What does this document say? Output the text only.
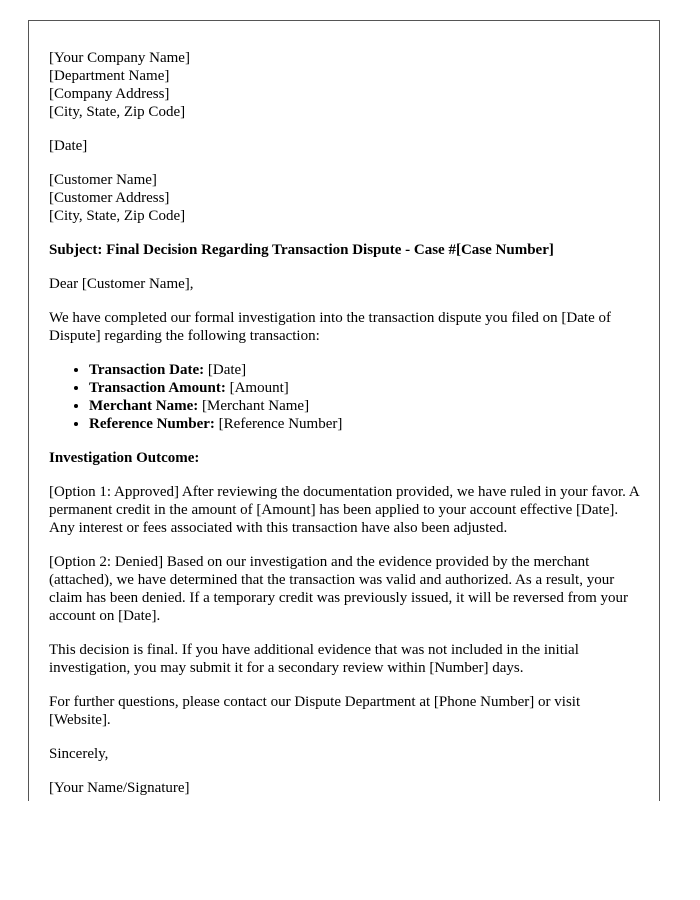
[Your Company Name]
[Department Name]
[Company Address]
[City, State, Zip Code]

[Date]

[Customer Name]
[Customer Address]
[City, State, Zip Code]

Subject: Final Decision Regarding Transaction Dispute - Case #[Case Number]

Dear [Customer Name],

We have completed our formal investigation into the transaction dispute you filed on [Date of Dispute] regarding the following transaction:

• Transaction Date: [Date]
• Transaction Amount: [Amount]
• Merchant Name: [Merchant Name]
• Reference Number: [Reference Number]

Investigation Outcome:

[Option 1: Approved] After reviewing the documentation provided, we have ruled in your favor. A permanent credit in the amount of [Amount] has been applied to your account effective [Date]. Any interest or fees associated with this transaction have also been adjusted.

[Option 2: Denied] Based on our investigation and the evidence provided by the merchant (attached), we have determined that the transaction was valid and authorized. As a result, your claim has been denied. If a temporary credit was previously issued, it will be reversed from your account on [Date].

This decision is final. If you have additional evidence that was not included in the initial investigation, you may submit it for a secondary review within [Number] days.

For further questions, please contact our Dispute Department at [Phone Number] or visit [Website].

Sincerely,

[Your Name/Signature]
